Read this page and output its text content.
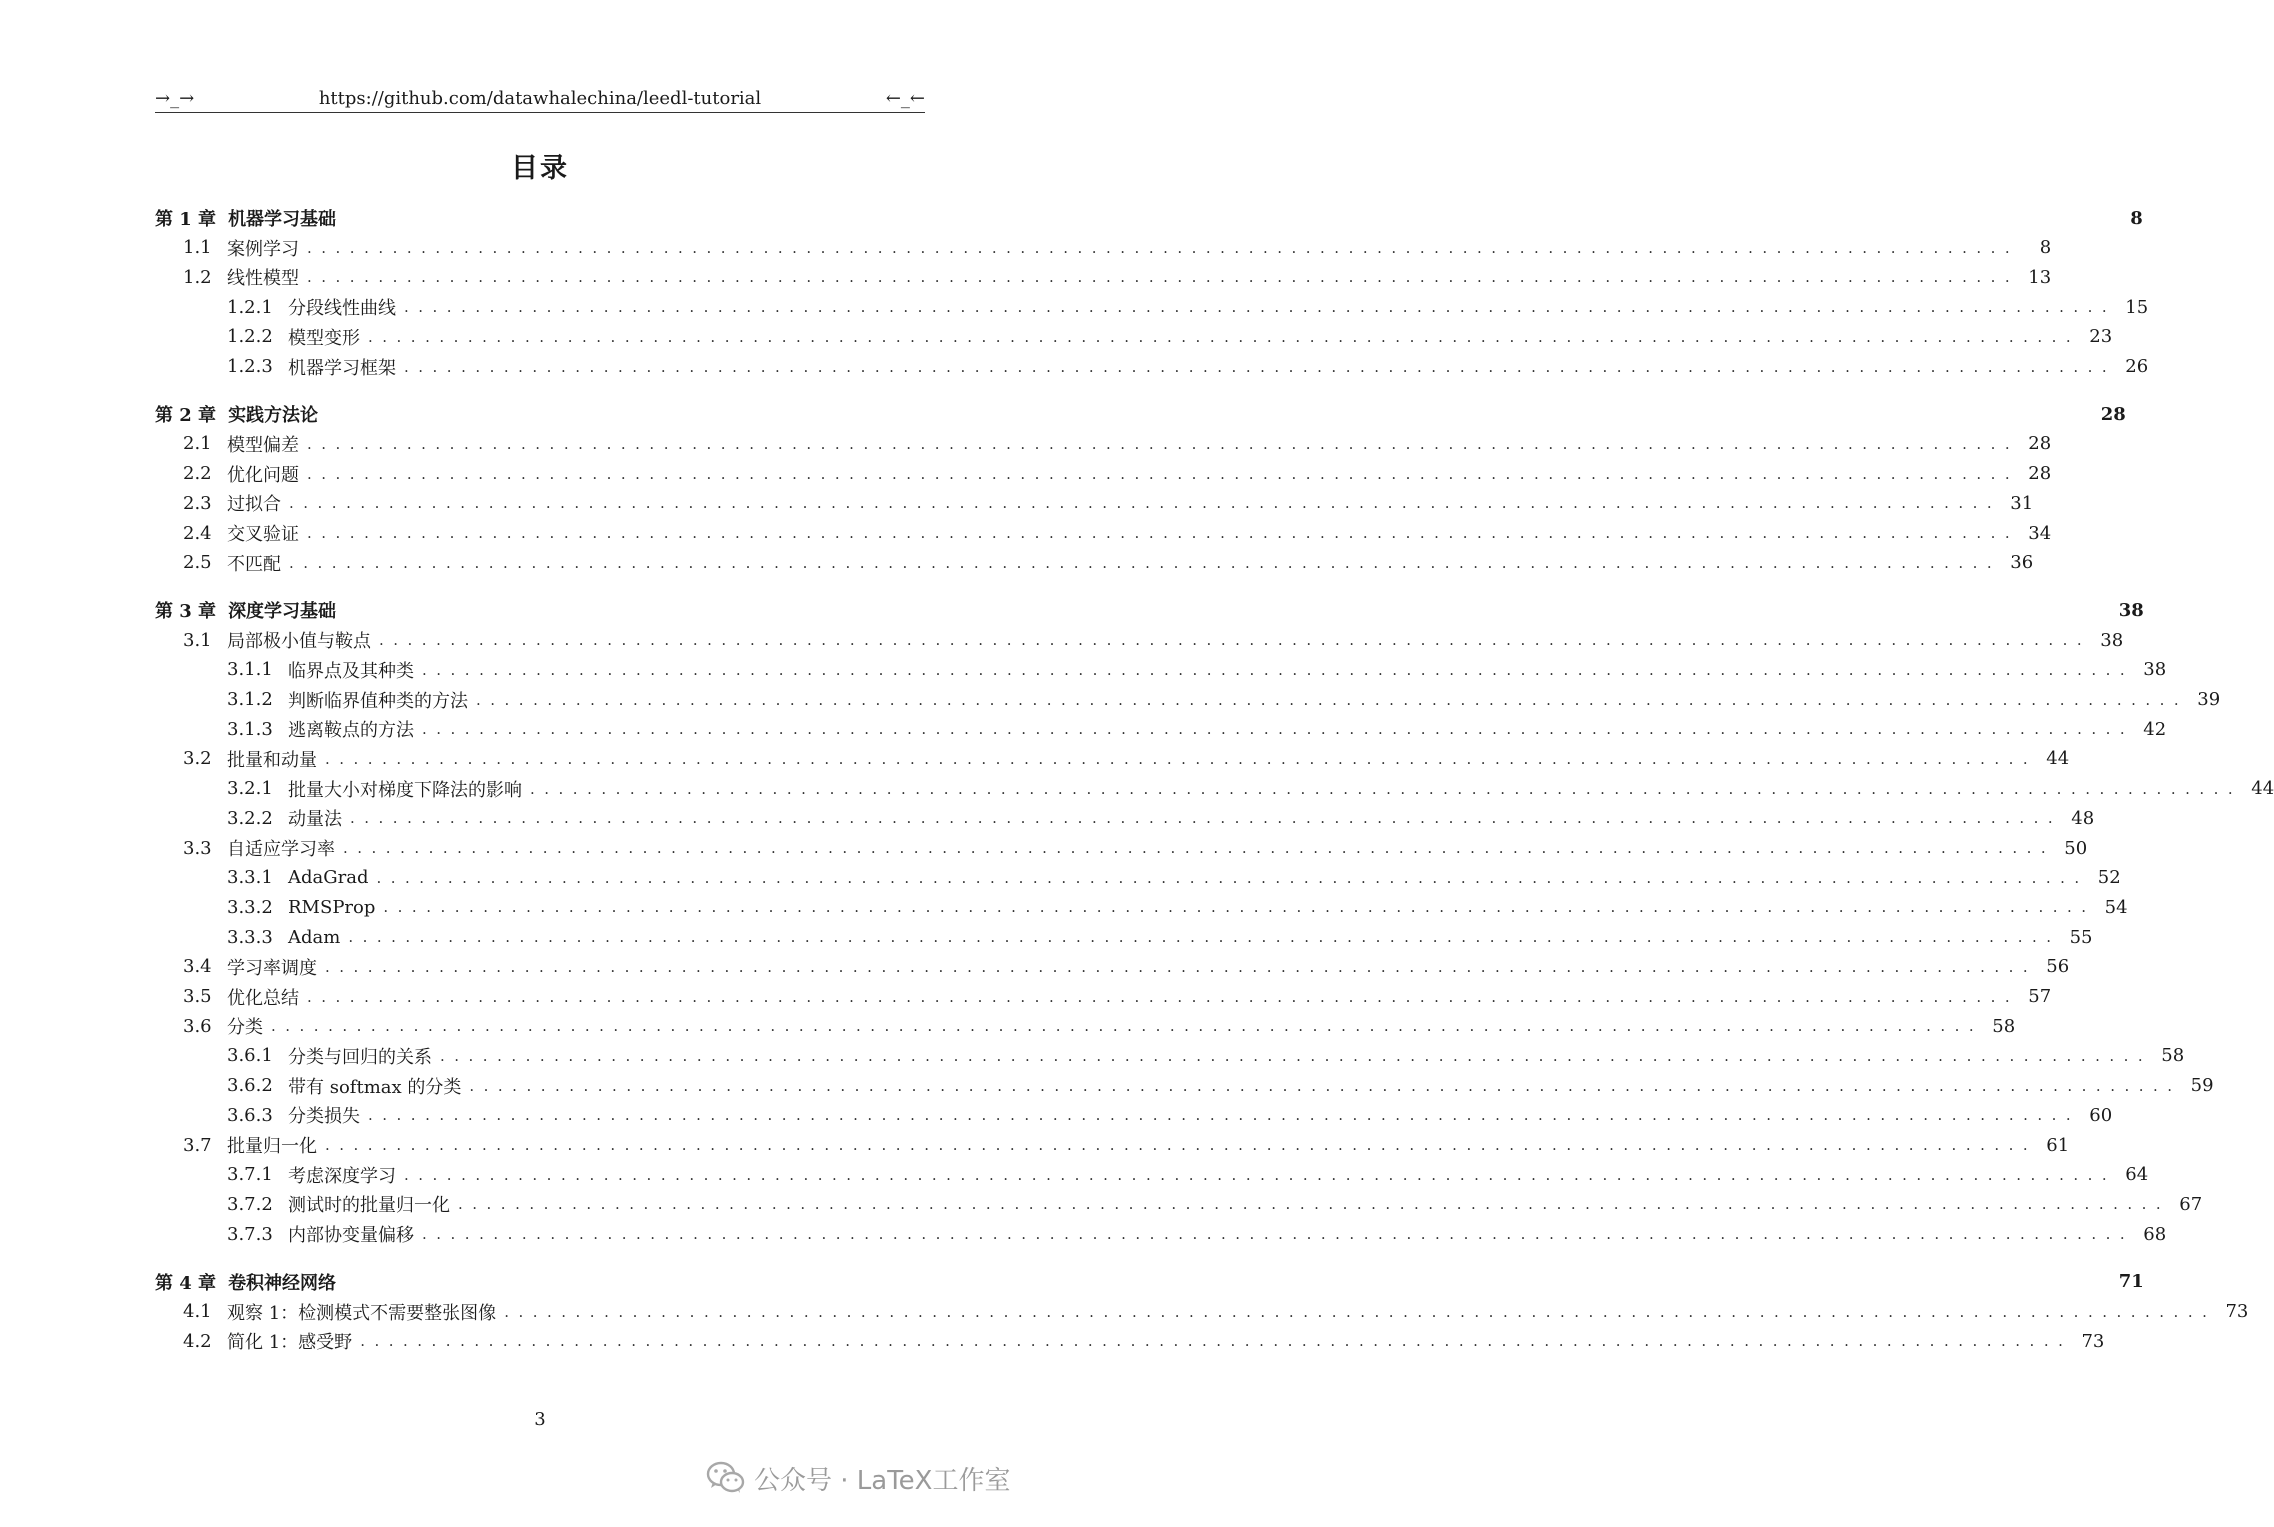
→_→	https://github.com/datawhalechina/leedl-tutorial	←_←
目录
第 1 章 机器学习基础	8
1.1 案例学习 ........................................................................................................................	8
1.2 线性模型 ........................................................................................................................ 13
1.2.1 分段线性曲线 ........................................................................................................................ 15
1.2.2 模型变形 ........................................................................................................................ 23
1.2.3 机器学习框架 ........................................................................................................................ 26
第 2 章 实践方法论	28
2.1 模型偏差 ........................................................................................................................ 28
2.2 优化问题 ........................................................................................................................ 28
2.3 过拟合 ........................................................................................................................ 31
2.4 交叉验证 ........................................................................................................................ 34
2.5 不匹配 ........................................................................................................................ 36
第 3 章 深度学习基础	38
3.1 局部极小值与鞍点 ........................................................................................................................ 38
3.1.1 临界点及其种类 ........................................................................................................................ 38
3.1.2 判断临界值种类的方法 ........................................................................................................................ 39
3.1.3 逃离鞍点的方法 ........................................................................................................................ 42
3.2 批量和动量 ........................................................................................................................ 44
3.2.1 批量大小对梯度下降法的影响 ........................................................................................................................ 44
3.2.2 动量法 ........................................................................................................................ 48
3.3 自适应学习率 ........................................................................................................................ 50
3.3.1 AdaGrad ........................................................................................................................ 52
3.3.2 RMSProp ........................................................................................................................ 54
3.3.3 Adam ........................................................................................................................ 55
3.4 学习率调度 ........................................................................................................................ 56
3.5 优化总结 ........................................................................................................................ 57
3.6 分类 ........................................................................................................................ 58
3.6.1 分类与回归的关系 ........................................................................................................................ 58
3.6.2 带有 softmax 的分类 ........................................................................................................................ 59
3.6.3 分类损失 ........................................................................................................................ 60
3.7 批量归一化 ........................................................................................................................ 61
3.7.1 考虑深度学习 ........................................................................................................................ 64
3.7.2 测试时的批量归一化 ........................................................................................................................ 67
3.7.3 内部协变量偏移 ........................................................................................................................ 68
第 4 章 卷积神经网络	71
4.1 观察 1：检测模式不需要整张图像 ........................................................................................................................ 73
4.2 简化 1：感受野 ........................................................................................................................ 73
3
公众号 · LaTeX工作室
